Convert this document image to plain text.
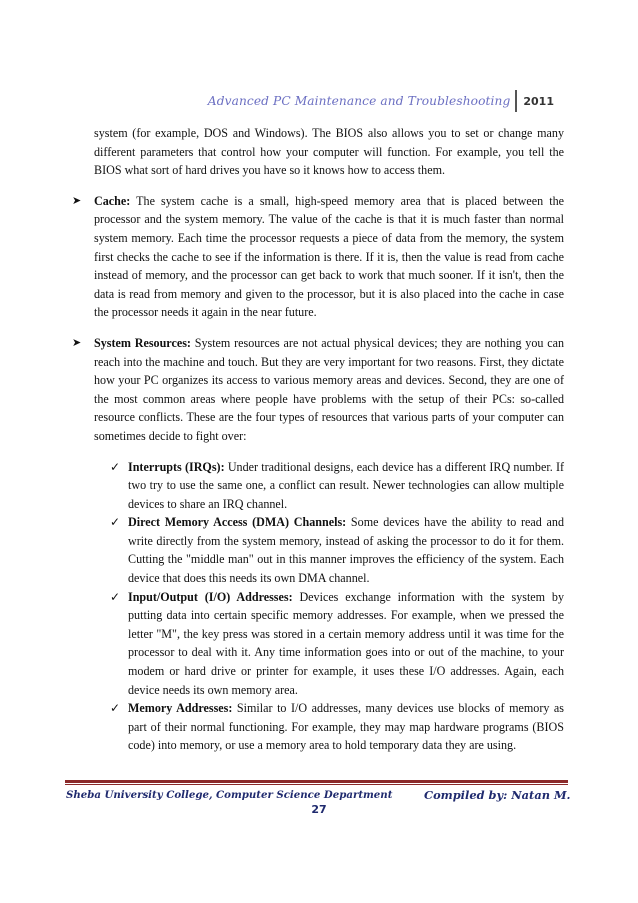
Advanced PC Maintenance and Troubleshooting	2011

system (for example, DOS and Windows). The BIOS also allows you to set or change many different parameters that control how your computer will function. For example, you tell the BIOS what sort of hard drives you have so it knows how to access them.

➤ Cache: The system cache is a small, high-speed memory area that is placed between the processor and the system memory. The value of the cache is that it is much faster than normal system memory. Each time the processor requests a piece of data from the memory, the system first checks the cache to see if the information is there. If it is, then the value is read from cache instead of memory, and the processor can get back to work that much sooner. If it isn't, then the data is read from memory and given to the processor, but it is also placed into the cache in case the processor needs it again in the near future.

➤ System Resources: System resources are not actual physical devices; they are nothing you can reach into the machine and touch. But they are very important for two reasons. First, they dictate how your PC organizes its access to various memory areas and devices. Second, they are one of the most common areas where people have problems with the setup of their PCs: so-called resource conflicts. These are the four types of resources that various parts of your computer can sometimes decide to fight over:

✓ Interrupts (IRQs): Under traditional designs, each device has a different IRQ number. If two try to use the same one, a conflict can result. Newer technologies can allow multiple devices to share an IRQ channel.
✓ Direct Memory Access (DMA) Channels: Some devices have the ability to read and write directly from the system memory, instead of asking the processor to do it for them. Cutting the "middle man" out in this manner improves the efficiency of the system. Each device that does this needs its own DMA channel.
✓ Input/Output (I/O) Addresses: Devices exchange information with the system by putting data into certain specific memory addresses. For example, when we pressed the letter "M", the key press was stored in a certain memory address until it was time for the processor to deal with it. Any time information goes into or out of the machine, to your modem or hard drive or printer for example, it uses these I/O addresses. Again, each device needs its own memory area.
✓ Memory Addresses: Similar to I/O addresses, many devices use blocks of memory as part of their normal functioning. For example, they may map hardware programs (BIOS code) into memory, or use a memory area to hold temporary data they are using.
Sheba University College, Computer Science Department	Compiled by: Natan M.
27
